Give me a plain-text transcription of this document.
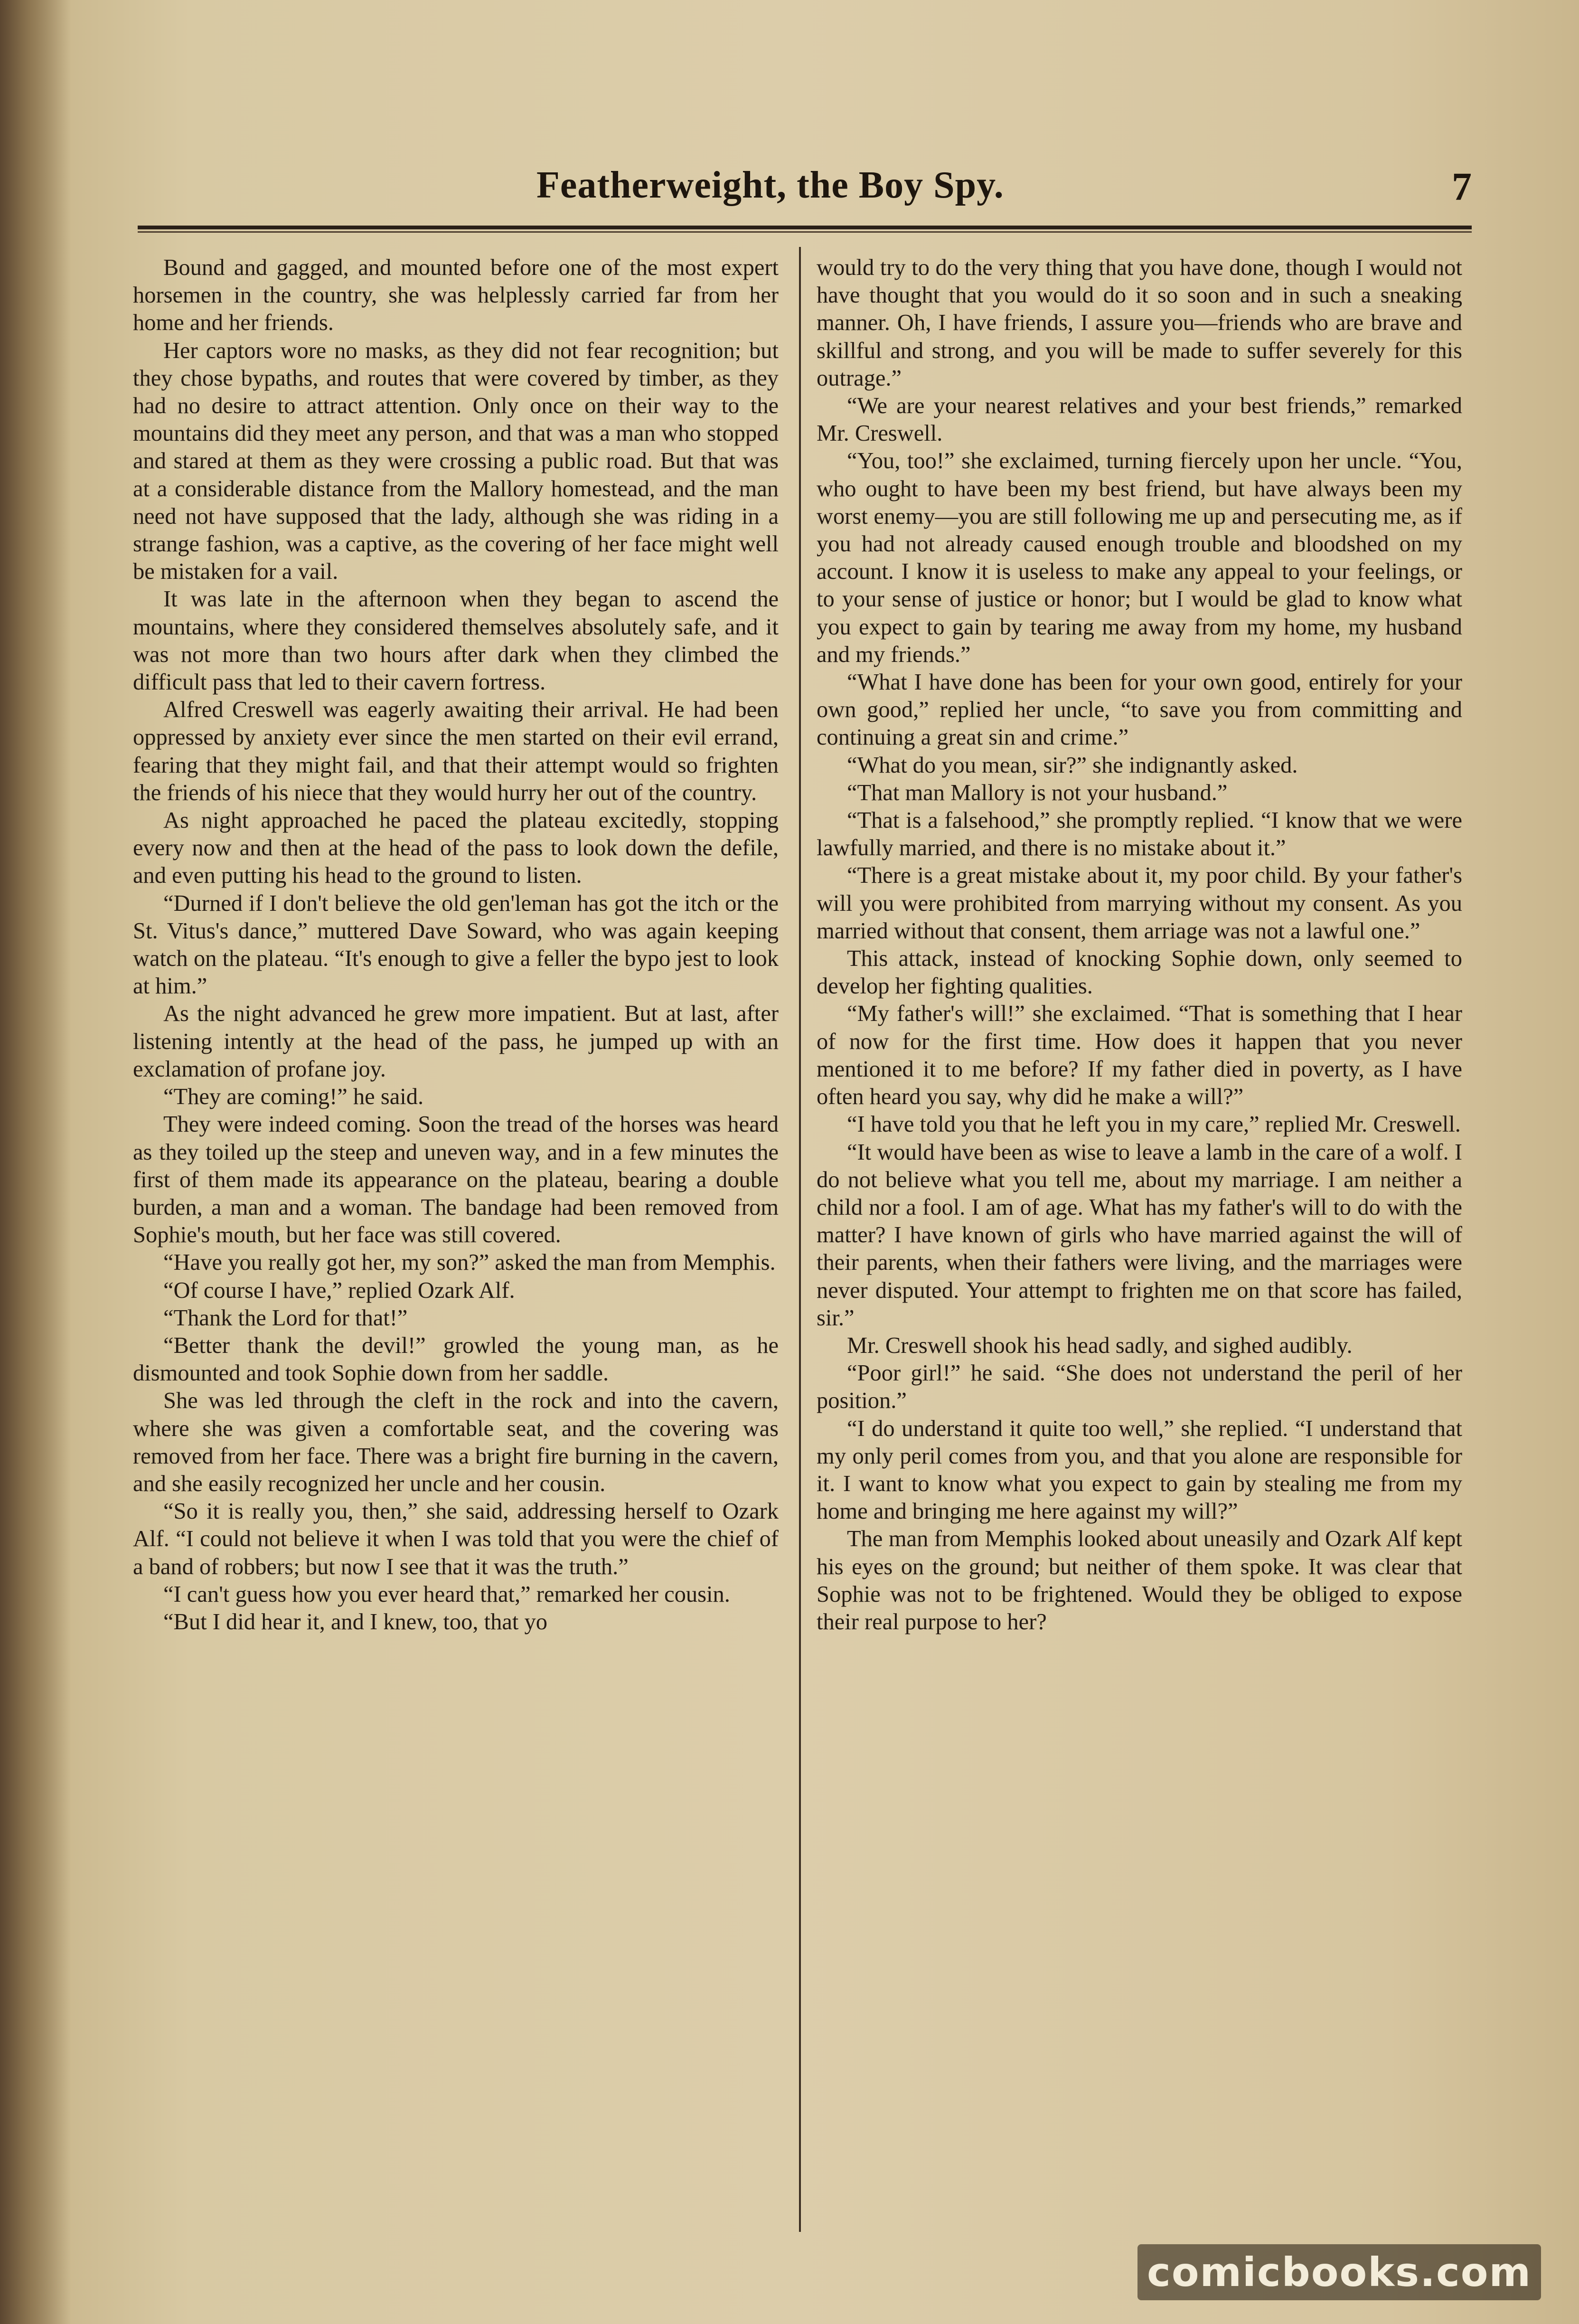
Featherweight, the Boy Spy.	7

Bound and gagged, and mounted before one of the most expert horsemen in the country, she was helplessly carried far from her home and her friends.

Her captors wore no masks, as they did not fear recognition; but they chose bypaths, and routes that were covered by timber, as they had no desire to attract attention. Only once on their way to the mountains did they meet any person, and that was a man who stopped and stared at them as they were crossing a public road. But that was at a considerable distance from the Mallory homestead, and the man need not have supposed that the lady, although she was riding in a strange fashion, was a captive, as the covering of her face might well be mistaken for a vail.

It was late in the afternoon when they began to ascend the mountains, where they considered themselves absolutely safe, and it was not more than two hours after dark when they climbed the difficult pass that led to their cavern fortress.

Alfred Creswell was eagerly awaiting their arrival. He had been oppressed by anxiety ever since the men started on their evil errand, fearing that they might fail, and that their attempt would so frighten the friends of his niece that they would hurry her out of the country.

As night approached he paced the plateau excitedly, stopping every now and then at the head of the pass to look down the defile, and even putting his head to the ground to listen.

“Durned if I don't believe the old gen'leman has got the itch or the St. Vitus's dance,” muttered Dave Soward, who was again keeping watch on the plateau. “It's enough to give a feller the bypo jest to look at him.”

As the night advanced he grew more impatient. But at last, after listening intently at the head of the pass, he jumped up with an exclamation of profane joy.

“They are coming!” he said.

They were indeed coming. Soon the tread of the horses was heard as they toiled up the steep and uneven way, and in a few minutes the first of them made its appearance on the plateau, bearing a double burden, a man and a woman. The bandage had been removed from Sophie's mouth, but her face was still covered.

“Have you really got her, my son?” asked the man from Memphis.

“Of course I have,” replied Ozark Alf.

“Thank the Lord for that!”

“Better thank the devil!” growled the young man, as he dismounted and took Sophie down from her saddle.

She was led through the cleft in the rock and into the cavern, where she was given a comfortable seat, and the covering was removed from her face. There was a bright fire burning in the cavern, and she easily recognized her uncle and her cousin.

“So it is really you, then,” she said, addressing herself to Ozark Alf. “I could not believe it when I was told that you were the chief of a band of robbers; but now I see that it was the truth.”

“I can't guess how you ever heard that,” remarked her cousin.

“But I did hear it, and I knew, too, that yo

would try to do the very thing that you have done, though I would not have thought that you would do it so soon and in such a sneaking manner. Oh, I have friends, I assure you—friends who are brave and skillful and strong, and you will be made to suffer severely for this outrage.”

“We are your nearest relatives and your best friends,” remarked Mr. Creswell.

“You, too!” she exclaimed, turning fiercely upon her uncle. “You, who ought to have been my best friend, but have always been my worst enemy—you are still following me up and persecuting me, as if you had not already caused enough trouble and bloodshed on my account. I know it is useless to make any appeal to your feelings, or to your sense of justice or honor; but I would be glad to know what you expect to gain by tearing me away from my home, my husband and my friends.”

“What I have done has been for your own good, entirely for your own good,” replied her uncle, “to save you from committing and continuing a great sin and crime.”

“What do you mean, sir?” she indignantly asked.

“That man Mallory is not your husband.”

“That is a falsehood,” she promptly replied. “I know that we were lawfully married, and there is no mistake about it.”

“There is a great mistake about it, my poor child. By your father's will you were prohibited from marrying without my consent. As you married without that consent, them arriage was not a lawful one.”

This attack, instead of knocking Sophie down, only seemed to develop her fighting qualities.

“My father's will!” she exclaimed. “That is something that I hear of now for the first time. How does it happen that you never mentioned it to me before? If my father died in poverty, as I have often heard you say, why did he make a will?”

“I have told you that he left you in my care,” replied Mr. Creswell.

“It would have been as wise to leave a lamb in the care of a wolf. I do not believe what you tell me, about my marriage. I am neither a child nor a fool. I am of age. What has my father's will to do with the matter? I have known of girls who have married against the will of their parents, when their fathers were living, and the marriages were never disputed. Your attempt to frighten me on that score has failed, sir.”

Mr. Creswell shook his head sadly, and sighed audibly.

“Poor girl!” he said. “She does not understand the peril of her position.”

“I do understand it quite too well,” she replied. “I understand that my only peril comes from you, and that you alone are responsible for it. I want to know what you expect to gain by stealing me from my home and bringing me here against my will?”

The man from Memphis looked about uneasily and Ozark Alf kept his eyes on the ground; but neither of them spoke. It was clear that Sophie was not to be frightened. Would they be obliged to expose their real purpose to her?

comicbooks.com
